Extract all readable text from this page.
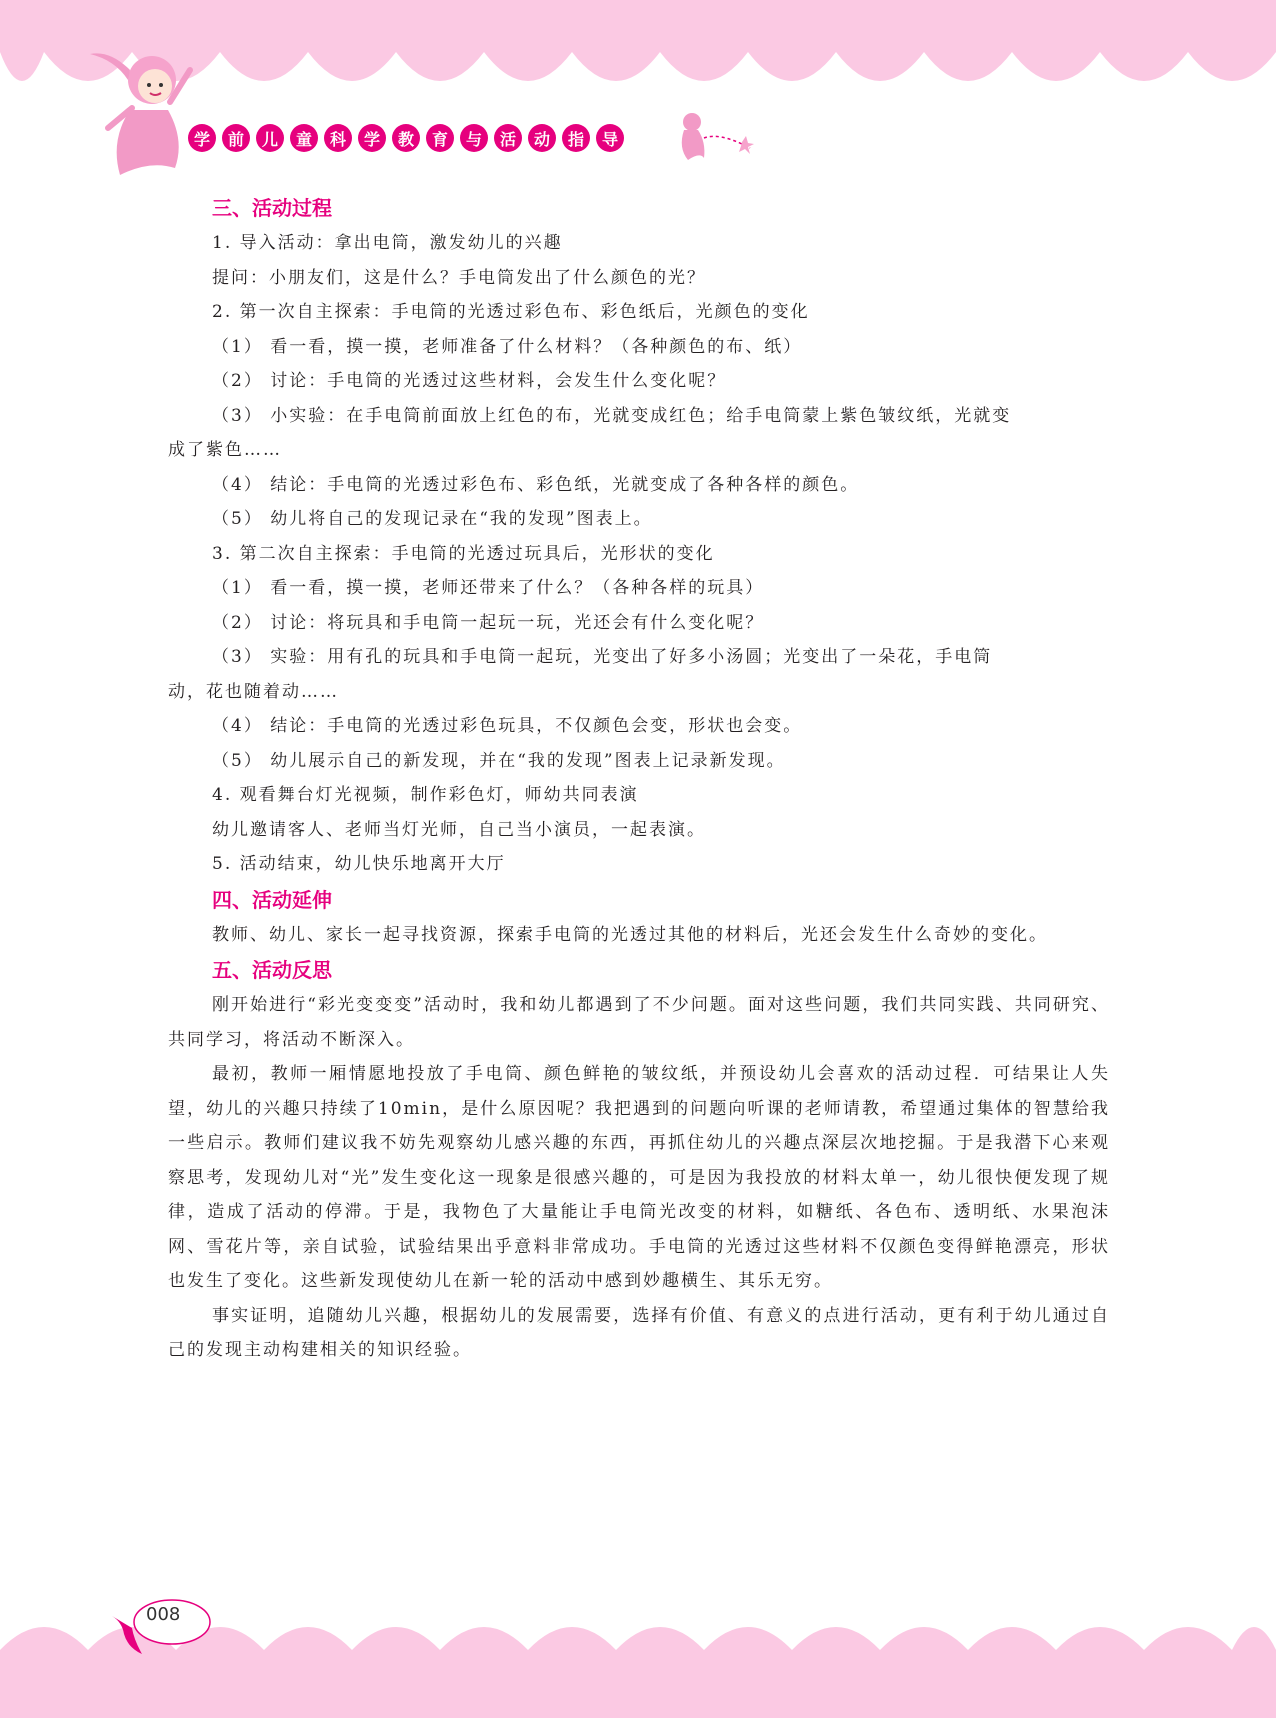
学	前	儿	童	科	学	教	育	与	活	动	指	导
三、活动过程

1. 导入活动：拿出电筒，激发幼儿的兴趣

提问：小朋友们，这是什么？手电筒发出了什么颜色的光？

2. 第一次自主探索：手电筒的光透过彩色布、彩色纸后，光颜色的变化

（1） 看一看，摸一摸，老师准备了什么材料？（各种颜色的布、纸）

（2） 讨论：手电筒的光透过这些材料，会发生什么变化呢？

（3） 小实验：在手电筒前面放上红色的布，光就变成红色；给手电筒蒙上紫色皱纹纸，光就变

成了紫色……

（4） 结论：手电筒的光透过彩色布、彩色纸，光就变成了各种各样的颜色。

（5） 幼儿将自己的发现记录在“我的发现”图表上。

3. 第二次自主探索：手电筒的光透过玩具后，光形状的变化

（1） 看一看，摸一摸，老师还带来了什么？（各种各样的玩具）

（2） 讨论：将玩具和手电筒一起玩一玩，光还会有什么变化呢？

（3） 实验：用有孔的玩具和手电筒一起玩，光变出了好多小汤圆；光变出了一朵花，手电筒

动，花也随着动……

（4） 结论：手电筒的光透过彩色玩具，不仅颜色会变，形状也会变。

（5） 幼儿展示自己的新发现，并在“我的发现”图表上记录新发现。

4. 观看舞台灯光视频，制作彩色灯，师幼共同表演

幼儿邀请客人、老师当灯光师，自己当小演员，一起表演。

5. 活动结束，幼儿快乐地离开大厅

四、活动延伸

教师、幼儿、家长一起寻找资源，探索手电筒的光透过其他的材料后，光还会发生什么奇妙的变化。

五、活动反思

刚开始进行“彩光变变变”活动时，我和幼儿都遇到了不少问题。面对这些问题，我们共同实践、共同研究、共同学习，将活动不断深入。

最初，教师一厢情愿地投放了手电筒、颜色鲜艳的皱纹纸，并预设幼儿会喜欢的活动过程．可结果让人失望，幼儿的兴趣只持续了10min，是什么原因呢？我把遇到的问题向听课的老师请教，希望通过集体的智慧给我一些启示。教师们建议我不妨先观察幼儿感兴趣的东西，再抓住幼儿的兴趣点深层次地挖掘。于是我潜下心来观察思考，发现幼儿对“光”发生变化这一现象是很感兴趣的，可是因为我投放的材料太单一，幼儿很快便发现了规律，造成了活动的停滞。于是，我物色了大量能让手电筒光改变的材料，如糖纸、各色布、透明纸、水果泡沫网、雪花片等，亲自试验，试验结果出乎意料非常成功。手电筒的光透过这些材料不仅颜色变得鲜艳漂亮，形状也发生了变化。这些新发现使幼儿在新一轮的活动中感到妙趣横生、其乐无穷。

事实证明，追随幼儿兴趣，根据幼儿的发展需要，选择有价值、有意义的点进行活动，更有利于幼儿通过自己的发现主动构建相关的知识经验。

008
